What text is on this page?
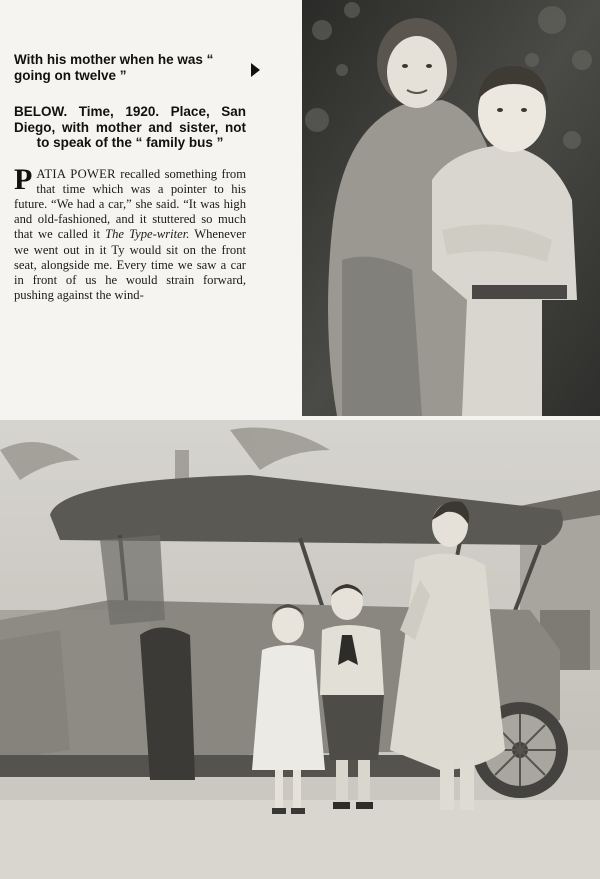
With his mother when he was “ going on twelve ”
BELOW. Time, 1920. Place, San Diego, with mother and sister, not to speak of the “ family bus ”
PATIA POWER recalled something from that time which was a pointer to his future. “We had a car,” she said. “It was high and old-fashioned, and it stuttered so much that we called it The Type-writer. Whenever we went out in it Ty would sit on the front seat, alongside me. Every time we saw a car in front of us he would strain forward, pushing against the wind-
